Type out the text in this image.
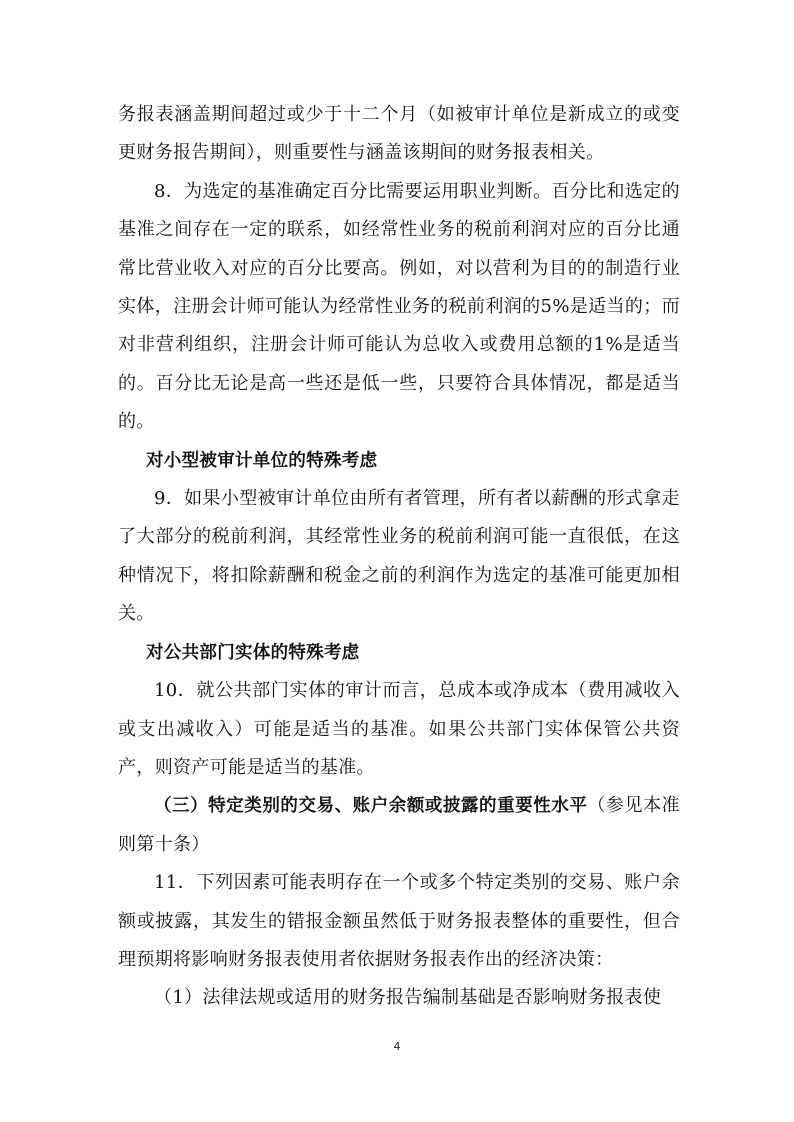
务报表涵盖期间超过或少于十二个月（如被审计单位是新成立的或变更财务报告期间），则重要性与涵盖该期间的财务报表相关。

8．为选定的基准确定百分比需要运用职业判断。百分比和选定的基准之间存在一定的联系，如经常性业务的税前利润对应的百分比通常比营业收入对应的百分比要高。例如，对以营利为目的的制造行业实体，注册会计师可能认为经常性业务的税前利润的5%是适当的；而对非营利组织，注册会计师可能认为总收入或费用总额的1%是适当的。百分比无论是高一些还是低一些，只要符合具体情况，都是适当的。

对小型被审计单位的特殊考虑

9．如果小型被审计单位由所有者管理，所有者以薪酬的形式拿走了大部分的税前利润，其经常性业务的税前利润可能一直很低，在这种情况下，将扣除薪酬和税金之前的利润作为选定的基准可能更加相关。

对公共部门实体的特殊考虑

10．就公共部门实体的审计而言，总成本或净成本（费用减收入或支出减收入）可能是适当的基准。如果公共部门实体保管公共资产，则资产可能是适当的基准。

（三）特定类别的交易、账户余额或披露的重要性水平（参见本准则第十条）

11．下列因素可能表明存在一个或多个特定类别的交易、账户余额或披露，其发生的错报金额虽然低于财务报表整体的重要性，但合理预期将影响财务报表使用者依据财务报表作出的经济决策：

（1）法律法规或适用的财务报告编制基础是否影响财务报表使

4
